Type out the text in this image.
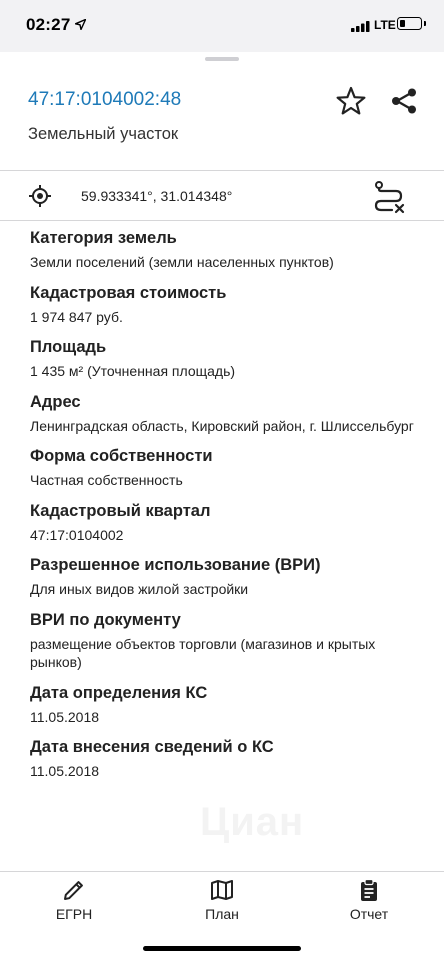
02:27	LTE
47:17:0104002:48
Земельный участок
59.933341°, 31.014348°
Циан
Категория земель
Земли поселений (земли населенных пунктов)
Кадастровая стоимость
1 974 847 руб.
Площадь
1 435 м² (Уточненная площадь)
Адрес
Ленинградская область, Кировский район, г. Шлиссельбург
Форма собственности
Частная собственность
Кадастровый квартал
47:17:0104002
Разрешенное использование (ВРИ)
Для иных видов жилой застройки
ВРИ по документу
размещение объектов торговли (магазинов и крытых рынков)
Дата определения КС
11.05.2018
Дата внесения сведений о КС
11.05.2018
ЕГРН	План	Отчет
